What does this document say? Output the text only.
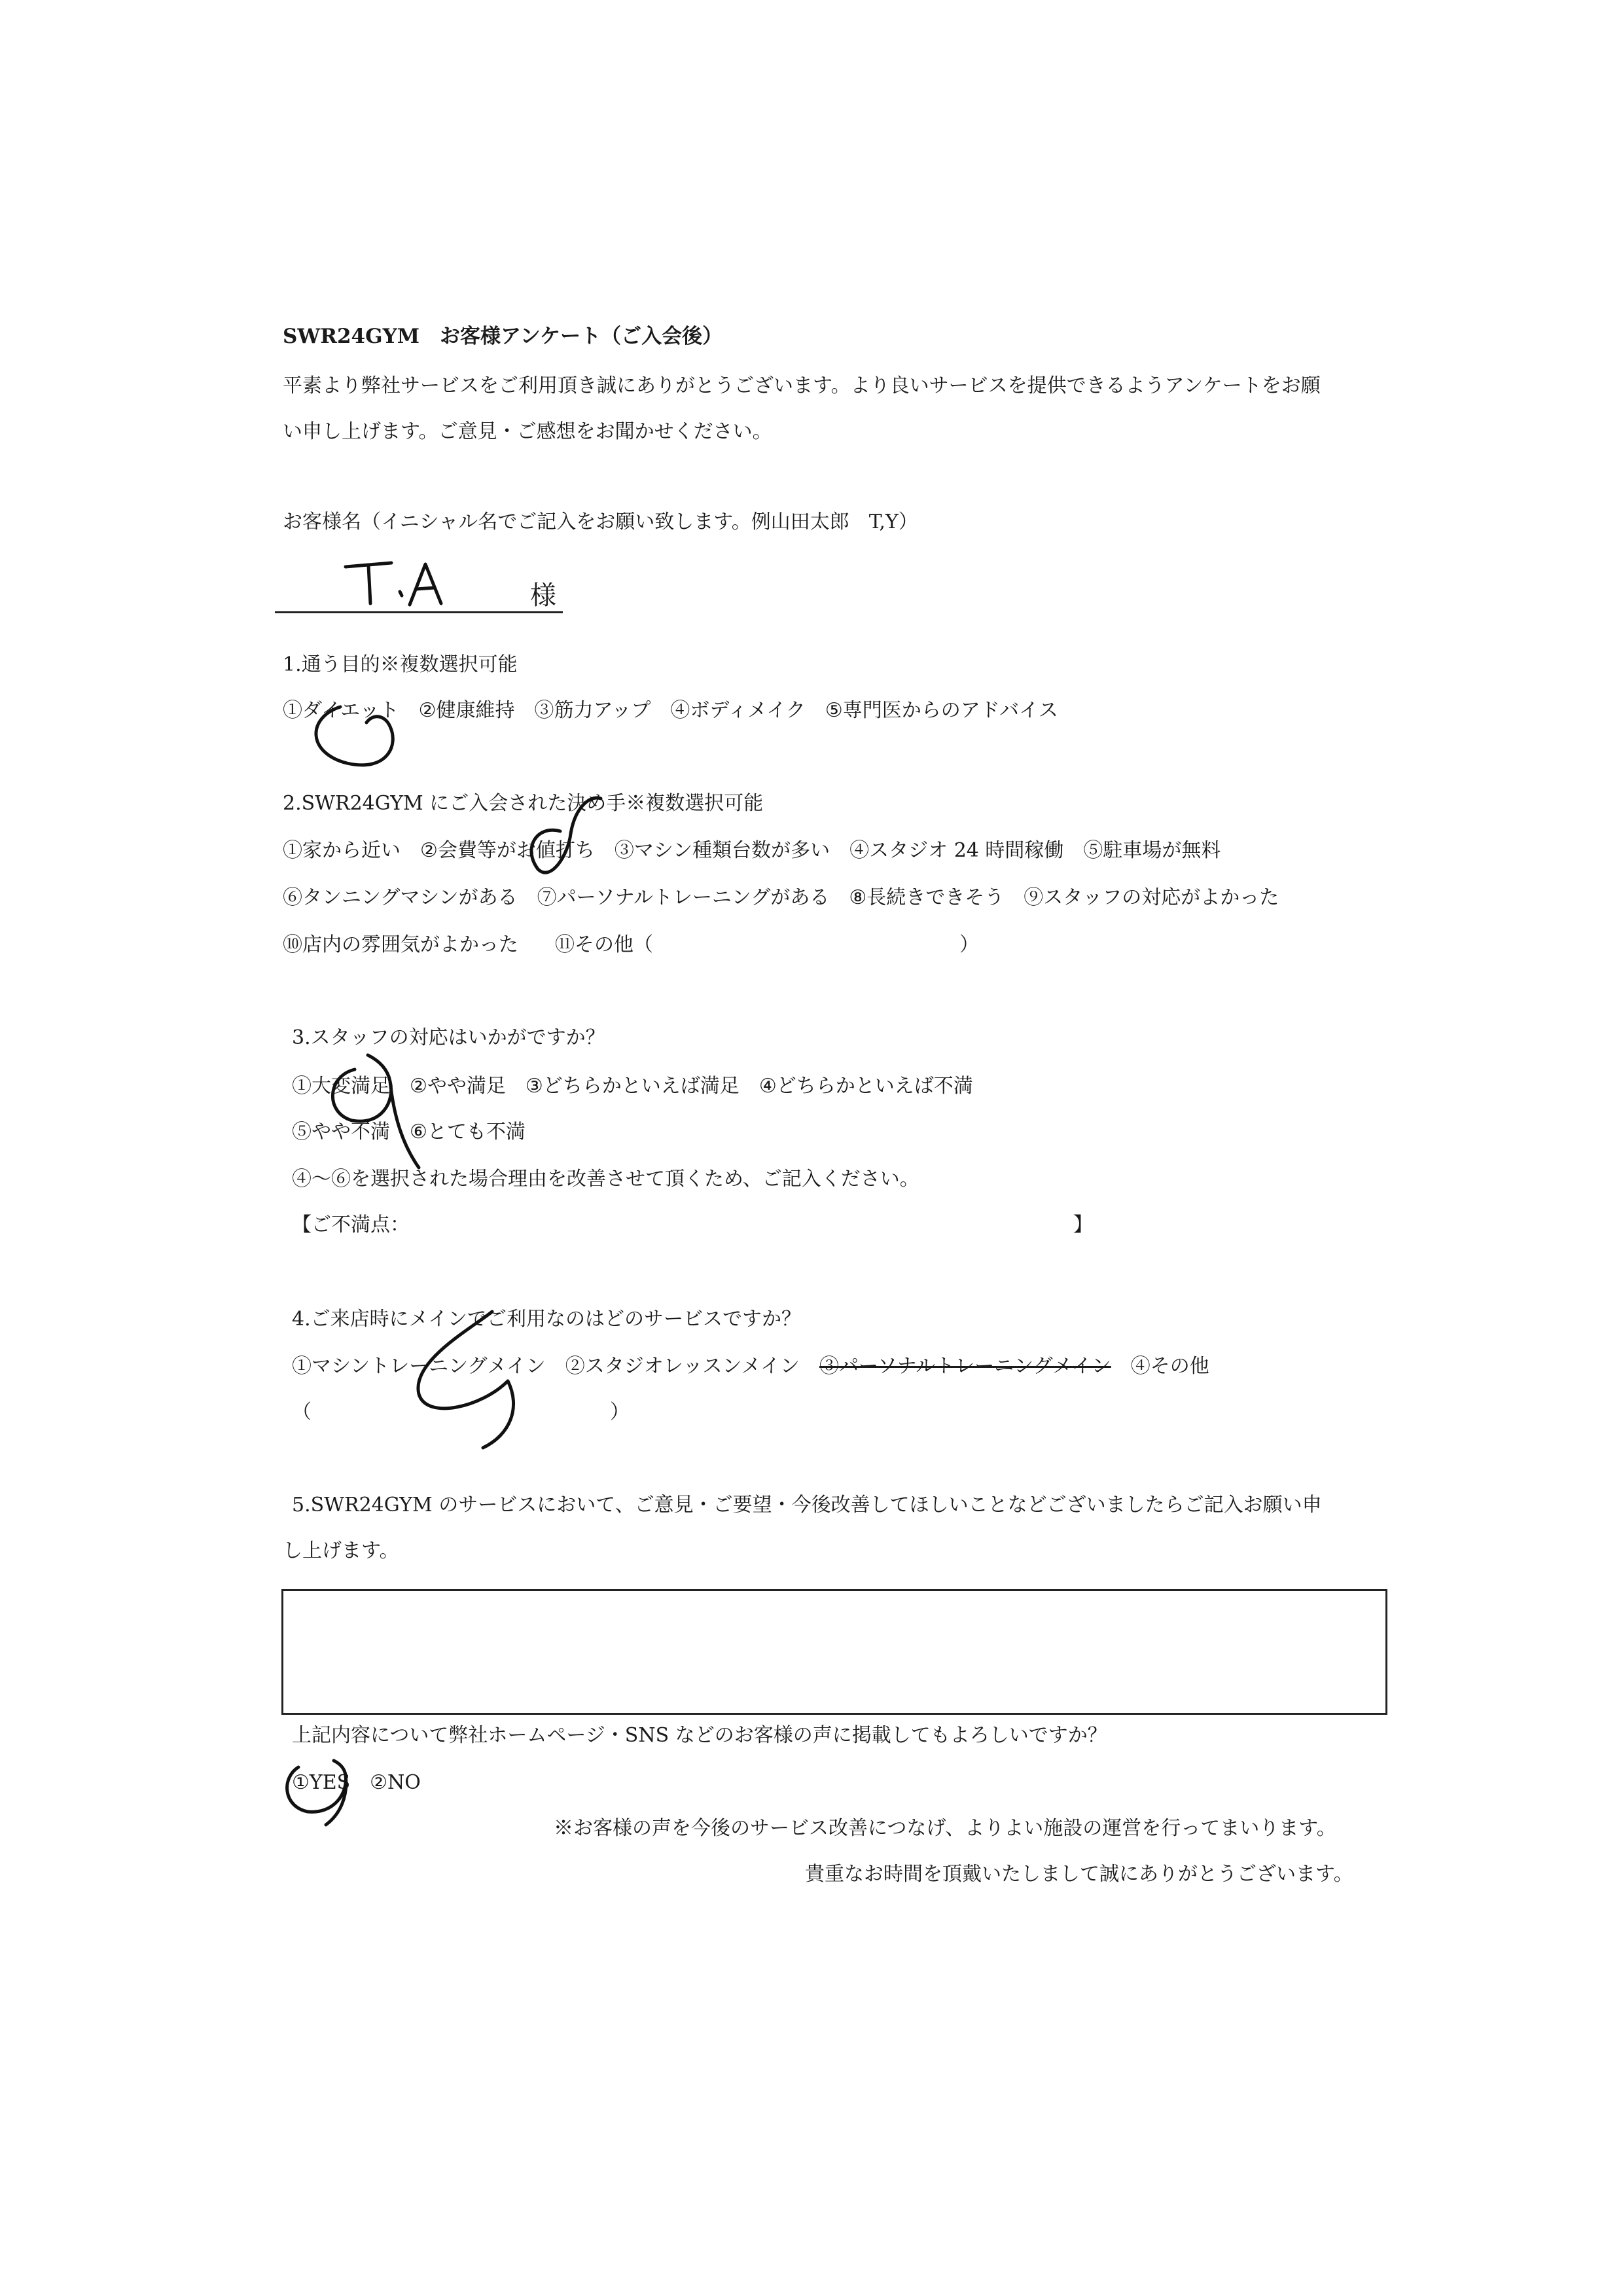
SWR24GYM　お客様アンケート（ご入会後）
平素より弊社サービスをご利用頂き誠にありがとうございます。より良いサービスを提供できるようアンケートをお願
い申し上げます。ご意見・ご感想をお聞かせください。
お客様名（イニシャル名でご記入をお願い致します。例山田太郎　T,Y）
様
1.通う目的※複数選択可能
①ダイエット ②健康維持 ③筋力アップ ④ボディメイク ⑤専門医からのアドバイス
2.SWR24GYM にご入会された決め手※複数選択可能
①家から近い ②会費等がお値打ち ③マシン種類台数が多い ④スタジオ 24 時間稼働 ⑤駐車場が無料
⑥タンニングマシンがある ⑦パーソナルトレーニングがある ⑧長続きできそう ⑨スタッフの対応がよかった
⑩店内の雰囲気がよかった ⑪その他（	）
3.スタッフの対応はいかがですか？
①大変満足 ②やや満足 ③どちらかといえば満足 ④どちらかといえば不満
⑤やや不満 ⑥とても不満
④～⑥を選択された場合理由を改善させて頂くため、ご記入ください。
【ご不満点：	】
4.ご来店時にメインでご利用なのはどのサービスですか？
①マシントレーニングメイン ②スタジオレッスンメイン ③パーソナルトレーニングメイン ④その他
（	）
5.SWR24GYM のサービスにおいて、ご意見・ご要望・今後改善してほしいことなどございましたらご記入お願い申
し上げます。
上記内容について弊社ホームページ・SNS などのお客様の声に掲載してもよろしいですか？
①YES ②NO
※お客様の声を今後のサービス改善につなげ、よりよい施設の運営を行ってまいります。
貴重なお時間を頂戴いたしまして誠にありがとうございます。
